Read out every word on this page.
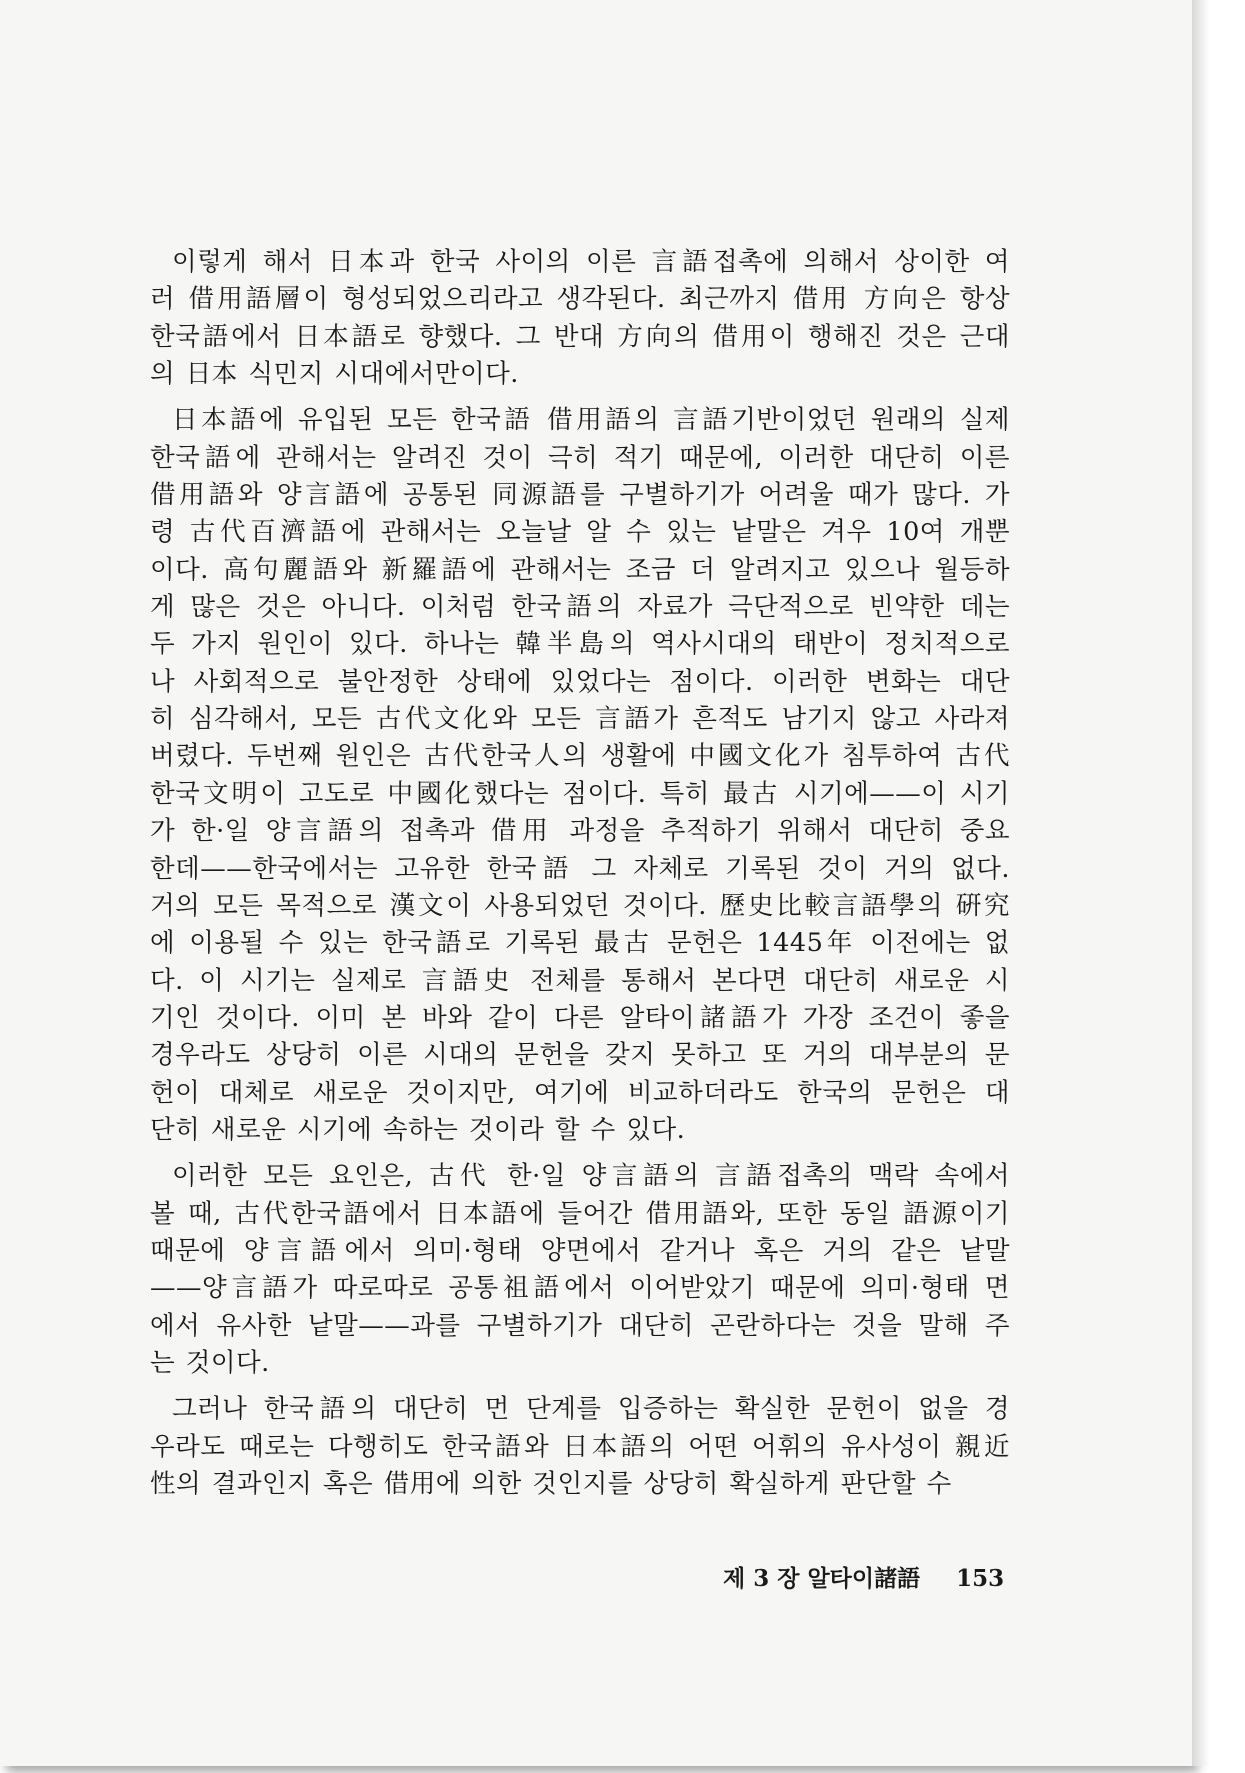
이렇게 해서 日本과 한국 사이의 이른 言語접촉에 의해서 상이한 여
러 借用語層이 형성되었으리라고 생각된다. 최근까지 借用 方向은 항상
한국語에서 日本語로 향했다. 그 반대 方向의 借用이 행해진 것은 근대
의 日本 식민지 시대에서만이다.
日本語에 유입된 모든 한국語 借用語의 言語기반이었던 원래의 실제
한국語에 관해서는 알려진 것이 극히 적기 때문에, 이러한 대단히 이른
借用語와 양言語에 공통된 同源語를 구별하기가 어려울 때가 많다. 가
령 古代百濟語에 관해서는 오늘날 알 수 있는 낱말은 겨우 10여 개뿐
이다. 高句麗語와 新羅語에 관해서는 조금 더 알려지고 있으나 월등하
게 많은 것은 아니다. 이처럼 한국語의 자료가 극단적으로 빈약한 데는
두 가지 원인이 있다. 하나는 韓半島의 역사시대의 태반이 정치적으로
나 사회적으로 불안정한 상태에 있었다는 점이다. 이러한 변화는 대단
히 심각해서, 모든 古代文化와 모든 言語가 흔적도 남기지 않고 사라져
버렸다. 두번째 원인은 古代한국人의 생활에 中國文化가 침투하여 古代
한국文明이 고도로 中國化했다는 점이다. 특히 最古 시기에——이 시기
가 한·일 양言語의 접촉과 借用 과정을 추적하기 위해서 대단히 중요
한데——한국에서는 고유한 한국語 그 자체로 기록된 것이 거의 없다.
거의 모든 목적으로 漢文이 사용되었던 것이다. 歷史比較言語學의 硏究
에 이용될 수 있는 한국語로 기록된 最古 문헌은 1445年 이전에는 없
다. 이 시기는 실제로 言語史 전체를 통해서 본다면 대단히 새로운 시
기인 것이다. 이미 본 바와 같이 다른 알타이諸語가 가장 조건이 좋을
경우라도 상당히 이른 시대의 문헌을 갖지 못하고 또 거의 대부분의 문
헌이 대체로 새로운 것이지만, 여기에 비교하더라도 한국의 문헌은 대
단히 새로운 시기에 속하는 것이라 할 수 있다.
이러한 모든 요인은, 古代 한·일 양言語의 言語접촉의 맥락 속에서
볼 때, 古代한국語에서 日本語에 들어간 借用語와, 또한 동일 語源이기
때문에 양言語에서 의미·형태 양면에서 같거나 혹은 거의 같은 낱말
——양言語가 따로따로 공통祖語에서 이어받았기 때문에 의미·형태 면
에서 유사한 낱말——과를 구별하기가 대단히 곤란하다는 것을 말해 주
는 것이다.
그러나 한국語의 대단히 먼 단계를 입증하는 확실한 문헌이 없을 경
우라도 때로는 다행히도 한국語와 日本語의 어떤 어휘의 유사성이 親近
性의 결과인지 혹은 借用에 의한 것인지를 상당히 확실하게 판단할 수
제 3 장 알타이諸語 153
